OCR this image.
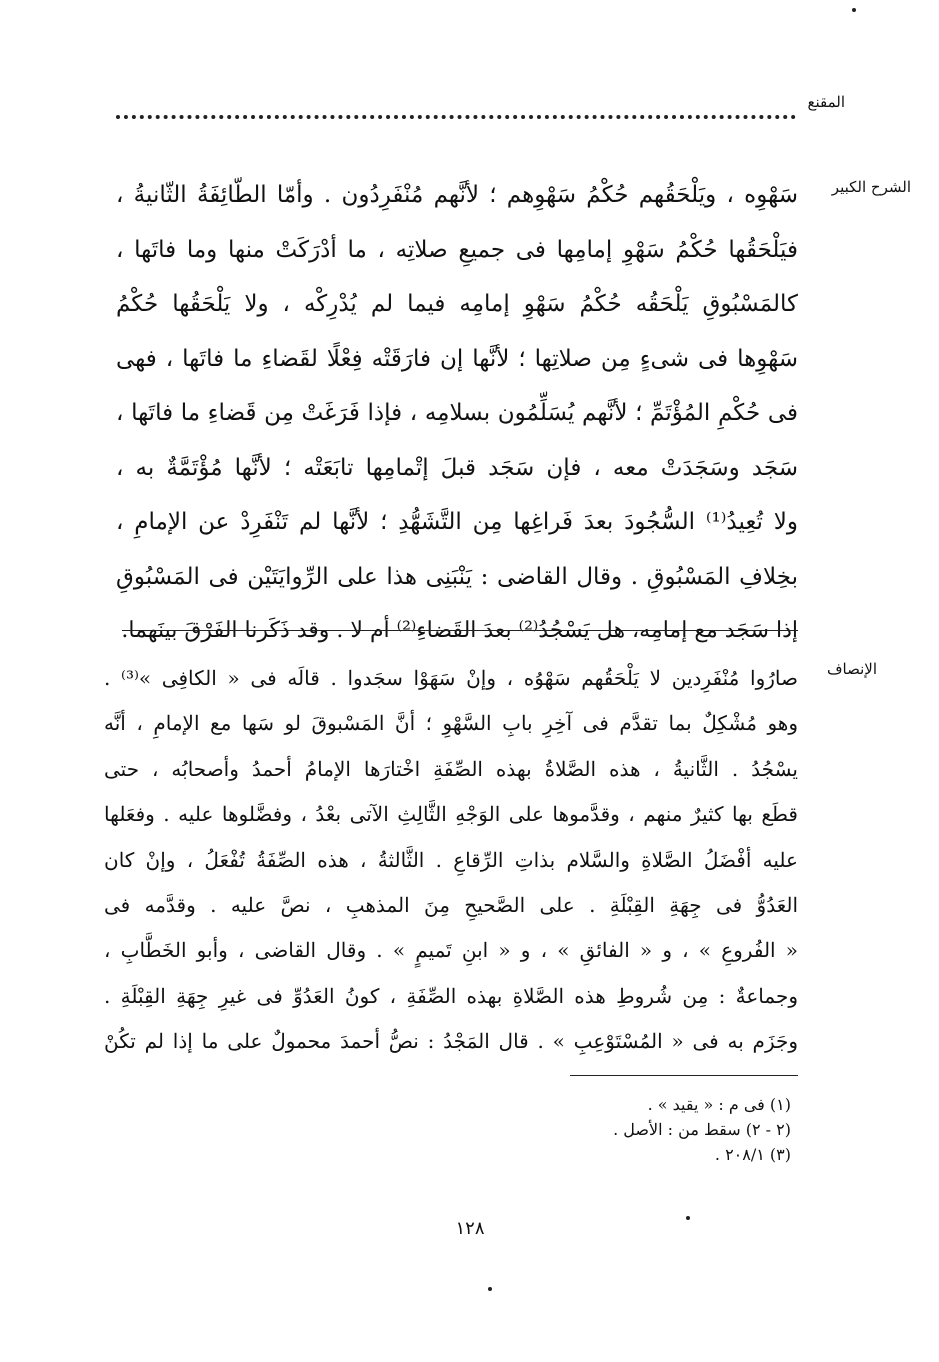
المقنع
الشرح الكبير

سَهْوِه ، ويَلْحَقُهم حُكْمُ سَهْوِهم ؛ لأنَّهم مُنْفَرِدُون . وأمّا الطّائِفَةُ الثّانيةُ ،

فيَلْحَقُها حُكْمُ سَهْوِ إمامِها فى جميعِ صلاتِه ، ما أدْرَكَتْ منها وما فاتَها ،

كالمَسْبُوقِ يَلْحَقُه حُكْمُ سَهْوِ إمامِه فيما لم يُدْرِكْه ، ولا يَلْحَقُها حُكْمُ

سَهْوِها فى شىءٍ مِن صلاتِها ؛ لأنَّها إن فارَقَتْه فِعْلًا لقَضاءِ ما فاتَها ، فهى

فى حُكْمِ المُؤْتَمِّ ؛ لأنَّهم يُسَلِّمُون بسلامِه ، فإذا فَرَغَتْ مِن قَضاءِ ما فاتَها ،

سَجَد وسَجَدَتْ معه ، فإن سَجَد قبلَ إتْمامِها تابَعَتْه ؛ لأنَّها مُؤْتَمَّةٌ به ،

ولا تُعِيدُ⁽¹⁾ السُّجُودَ بعدَ فَراغِها مِن التَّشَهُّدِ ؛ لأنَّها لم تَنْفَرِدْ عن الإمامِ ،

بخِلافِ المَسْبُوقِ . وقال القاضى : يَنْبَنِى هذا على الرِّوايَتَيْن فى المَسْبُوقِ

إذا سَجَد مع إمامِه، هل يَسْجُدُ⁽²⁾ بعدَ القَضاءِ⁽²⁾ أم لا . وقد ذَكَرنا الفَرْقَ بينَهما.

الإنصاف

صارُوا مُنْفَرِدين لا يَلْحَقُهم سَهْوُه ، وإنْ سَهَوْا سجَدوا . قالَه فى « الكافِى »⁽³⁾ .

وهو مُشْكِلٌ بما تقدَّم فى آخِرِ بابِ السَّهْوِ ؛ أنَّ المَسْبوقَ لو سَها مع الإمامِ ، أنَّه

يسْجُدُ . الثَّانيةُ ، هذه الصَّلاةُ بهذه الصِّفَةِ اخْتارَها الإمامُ أحمدُ وأصحابُه ، حتى

قطَع بها كثيرٌ منهم ، وقدَّموها على الوَجْهِ الثَّالِثِ الآتى بعْدُ ، وفضَّلوها عليه . وفعَلها

عليه أفْضَلُ الصَّلاةِ والسَّلام بذاتِ الرِّقاعِ . الثَّالثةُ ، هذه الصِّفَةُ تُفْعَلُ ، وإنْ كان

العَدُوُّ فى جِهَةِ القِبْلَةِ . على الصَّحيحِ مِنَ المذهبِ ، نصَّ عليه . وقدَّمه فى

« الفُروعِ » ، و « الفائقِ » ، و « ابنِ تَميمٍ » . وقال القاضى ، وأبو الخَطَّابِ ،

وجماعةٌ : مِن شُروطِ هذه الصَّلاةِ بهذه الصِّفَةِ ، كونُ العَدُوِّ فى غيرِ جِهَةِ القِبْلَةِ .

وجَزَم به فى « المُسْتَوْعِبِ » . قال المَجْدُ : نصُّ أحمدَ محمولٌ على ما إذا لم تكُنْ

(١) فى م : « يقيد » .

(٢ - ٢) سقط من : الأصل .

(٣) ٢٠٨/١ .

١٢٨
